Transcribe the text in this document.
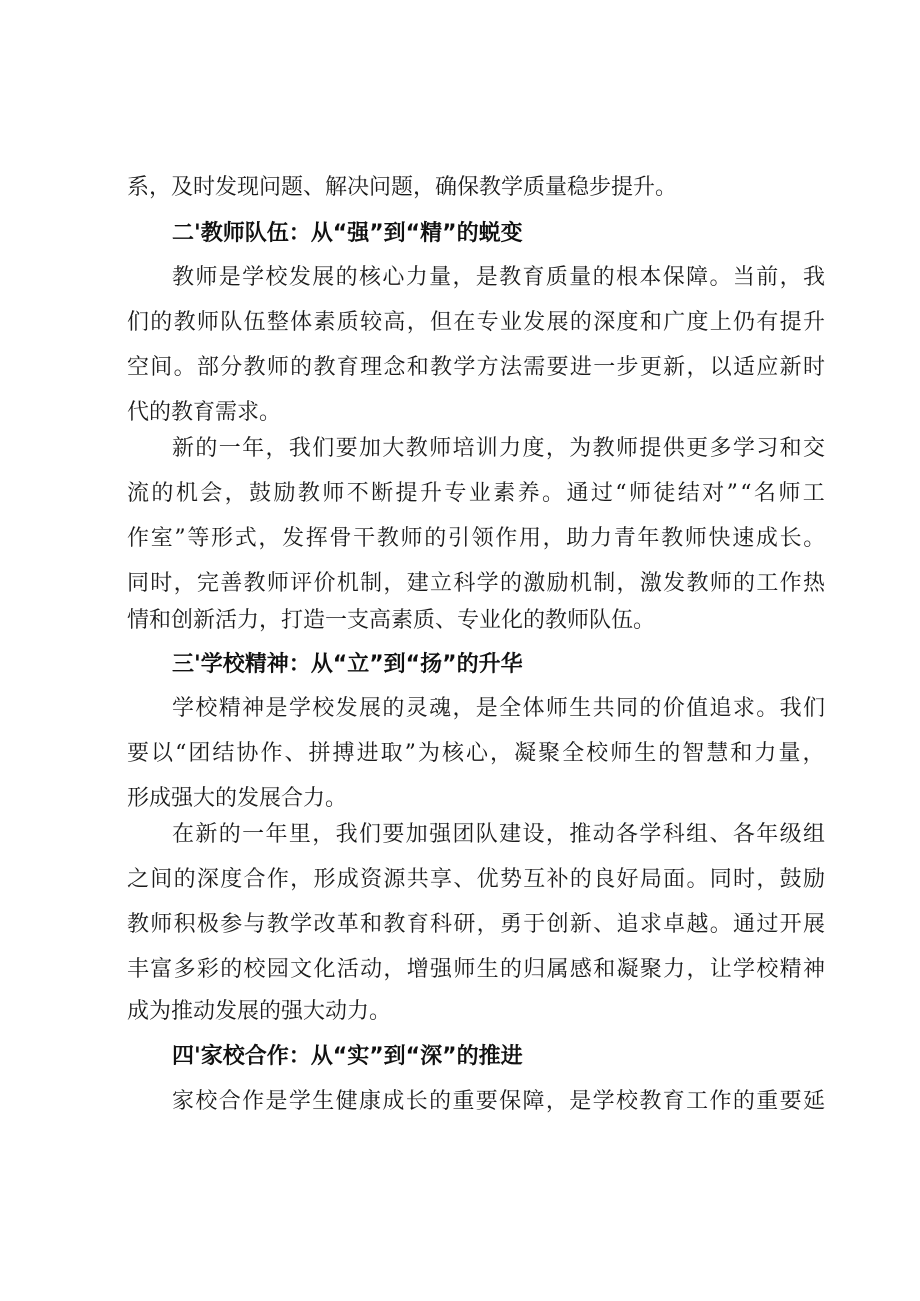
系，及时发现问题、解决问题，确保教学质量稳步提升。
二'教师队伍：从“强”到“精”的蜕变
教师是学校发展的核心力量，是教育质量的根本保障。当前，我
们的教师队伍整体素质较高，但在专业发展的深度和广度上仍有提升
空间。部分教师的教育理念和教学方法需要进一步更新，以适应新时
代的教育需求。
新的一年，我们要加大教师培训力度，为教师提供更多学习和交
流的机会，鼓励教师不断提升专业素养。通过“师徒结对”“名师工
作室”等形式，发挥骨干教师的引领作用，助力青年教师快速成长。
同时，完善教师评价机制，建立科学的激励机制，激发教师的工作热
情和创新活力，打造一支高素质、专业化的教师队伍。
三'学校精神：从“立”到“扬”的升华
学校精神是学校发展的灵魂，是全体师生共同的价值追求。我们
要以“团结协作、拼搏进取”为核心，凝聚全校师生的智慧和力量，
形成强大的发展合力。
在新的一年里，我们要加强团队建设，推动各学科组、各年级组
之间的深度合作，形成资源共享、优势互补的良好局面。同时，鼓励
教师积极参与教学改革和教育科研，勇于创新、追求卓越。通过开展
丰富多彩的校园文化活动，增强师生的归属感和凝聚力，让学校精神
成为推动发展的强大动力。
四'家校合作：从“实”到“深”的推进
家校合作是学生健康成长的重要保障，是学校教育工作的重要延
